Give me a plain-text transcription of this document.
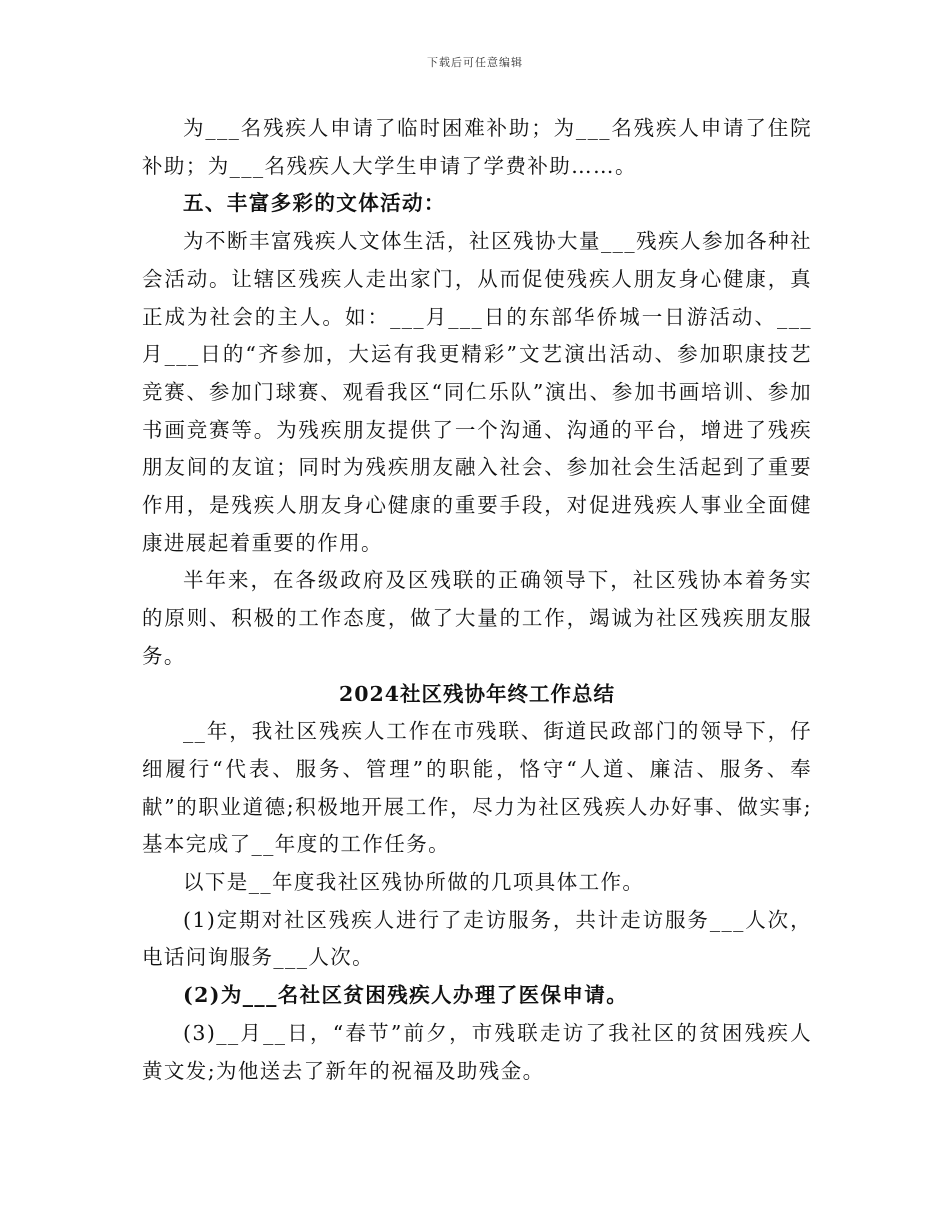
下载后可任意编辑

为___名残疾人申请了临时困难补助；为___名残疾人申请了住院补助；为___名残疾人大学生申请了学费补助……。

五、丰富多彩的文体活动：

为不断丰富残疾人文体生活，社区残协大量___残疾人参加各种社会活动。让辖区残疾人走出家门，从而促使残疾人朋友身心健康，真正成为社会的主人。如：___月___日的东部华侨城一日游活动、___月___日的“齐参加，大运有我更精彩”文艺演出活动、参加职康技艺竞赛、参加门球赛、观看我区“同仁乐队”演出、参加书画培训、参加书画竞赛等。为残疾朋友提供了一个沟通、沟通的平台，增进了残疾朋友间的友谊；同时为残疾朋友融入社会、参加社会生活起到了重要作用，是残疾人朋友身心健康的重要手段，对促进残疾人事业全面健康进展起着重要的作用。

半年来，在各级政府及区残联的正确领导下，社区残协本着务实的原则、积极的工作态度，做了大量的工作，竭诚为社区残疾朋友服务。

2024社区残协年终工作总结

__年，我社区残疾人工作在市残联、街道民政部门的领导下，仔细履行“代表、服务、管理”的职能，恪守“人道、廉洁、服务、奉献”的职业道德;积极地开展工作，尽力为社区残疾人办好事、做实事;基本完成了__年度的工作任务。

以下是__年度我社区残协所做的几项具体工作。

(1)定期对社区残疾人进行了走访服务，共计走访服务___人次，电话问询服务___人次。

(2)为___名社区贫困残疾人办理了医保申请。

(3)__月__日，“春节”前夕，市残联走访了我社区的贫困残疾人黄文发;为他送去了新年的祝福及助残金。
